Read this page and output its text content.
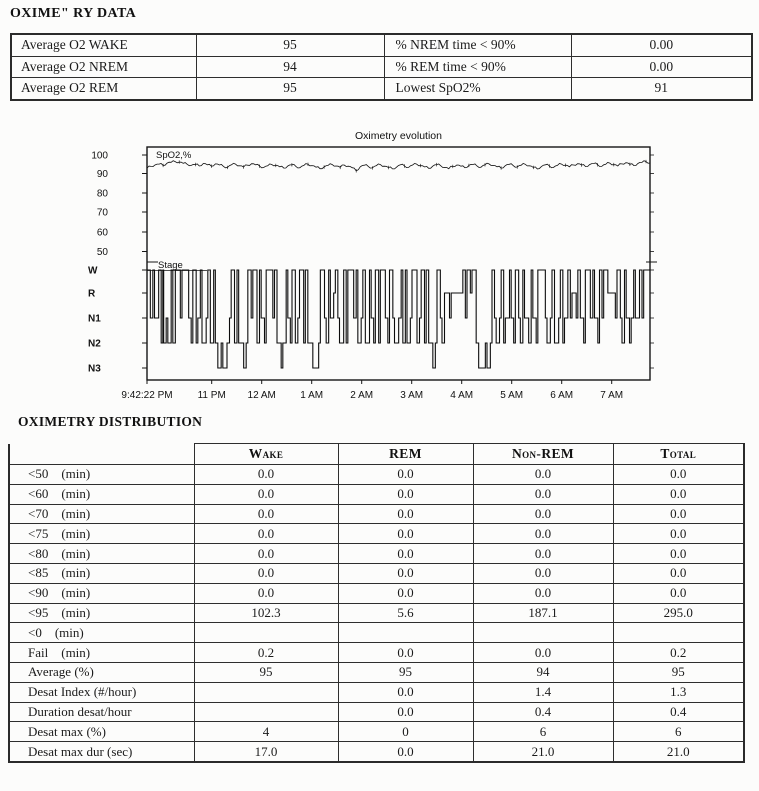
OXIME" RY DATA
Average O2 WAKE	95	% NREM time < 90%	0.00
Average O2 NREM	94	% REM time < 90%	0.00
Average O2 REM	95	Lowest SpO2%	91
Oximetry evolution
100
90
80
70
60
50
W
R
N1
N2
N3
9:42:22 PM	11 PM 12 AM 1 AM	2 AM	3 AM	4 AM	5 AM	6 AM	7 AM
SpO2,%
Stage
OXIMETRY DISTRIBUTION
	Wake	REM	Non-REM	Total
<50 (min)	0.0	0.0	0.0	0.0
<60 (min)	0.0	0.0	0.0	0.0
<70 (min)	0.0	0.0	0.0	0.0
<75 (min)	0.0	0.0	0.0	0.0
<80 (min)	0.0	0.0	0.0	0.0
<85 (min)	0.0	0.0	0.0	0.0
<90 (min)	0.0	0.0	0.0	0.0
<95 (min)	102.3	5.6	187.1	295.0
<0 (min)				
Fail (min)	0.2	0.0	0.0	0.2
Average (%)	95	95	94	95
Desat Index (#/hour)		0.0	1.4	1.3
Duration desat/hour		0.0	0.4	0.4
Desat max (%)	4	0	6	6
Desat max dur (sec)	17.0	0.0	21.0	21.0
